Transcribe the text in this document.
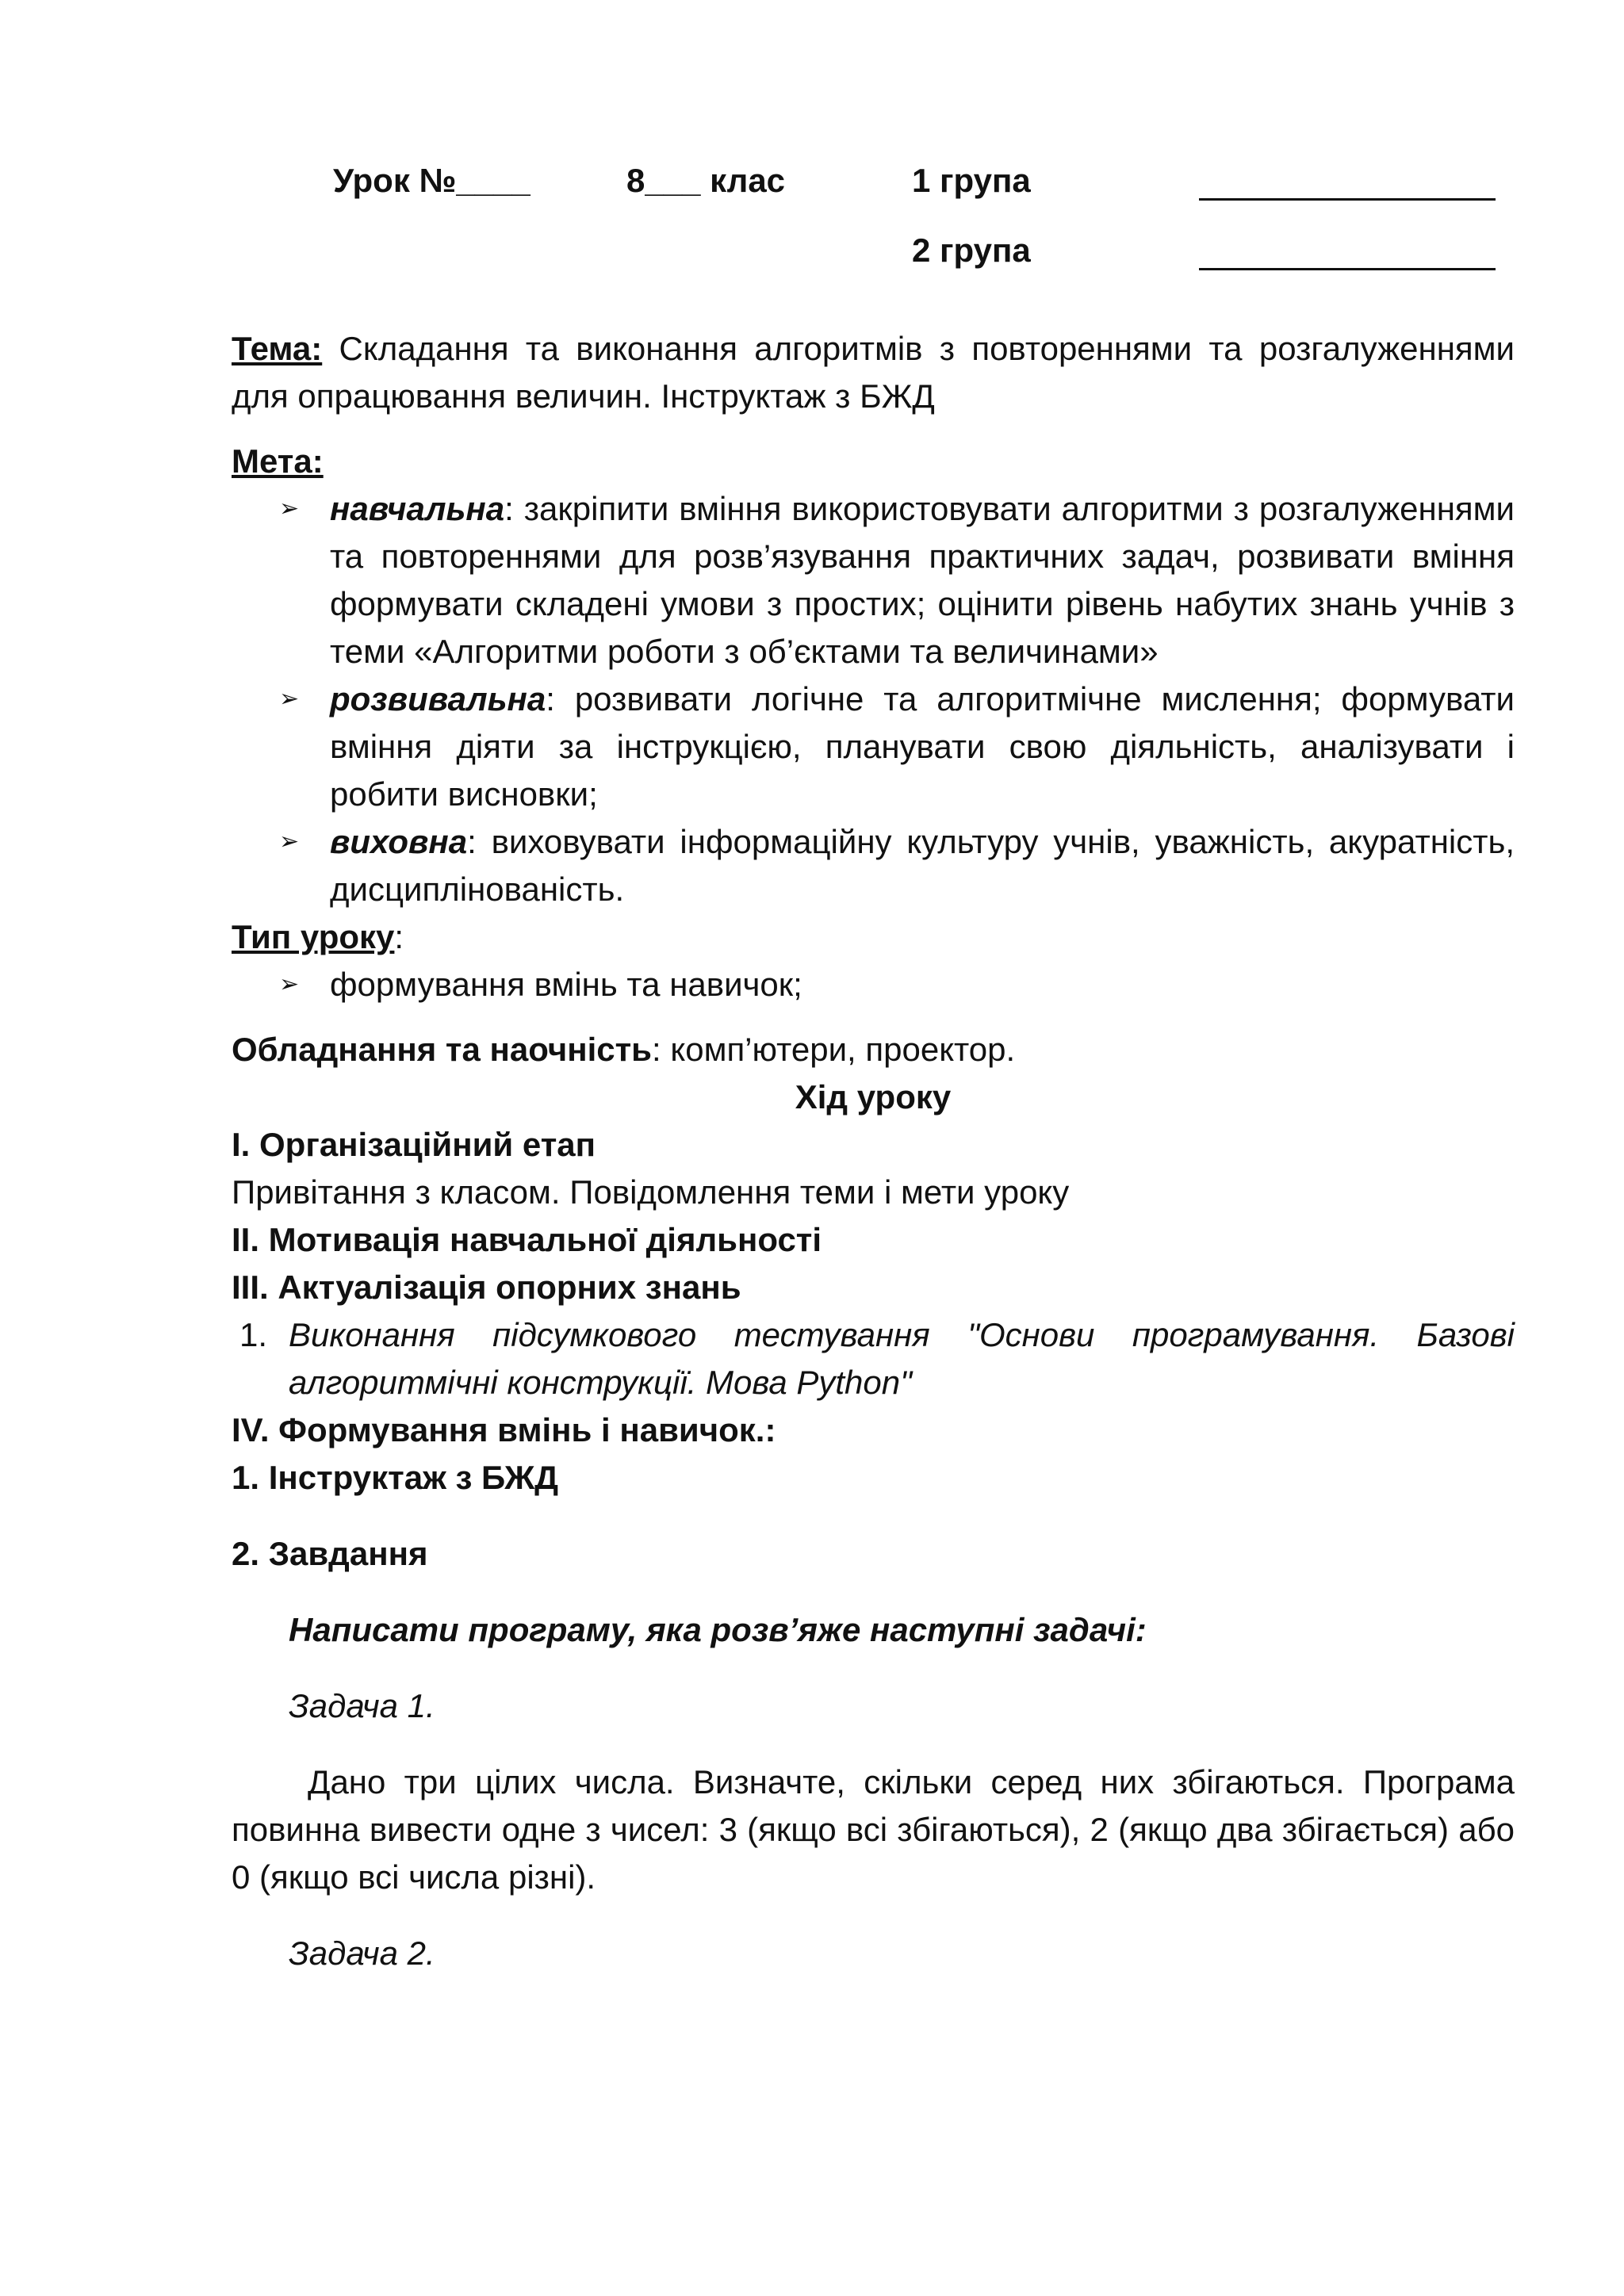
Урок №____	8___ клас	1 група
2 група

Тема: Складання та виконання алгоритмів з повтореннями та розгалуженнями для опрацювання величин. Інструктаж з БЖД

Мета:

➢ навчальна: закріпити вміння використовувати алгоритми з розгалуженнями та повтореннями для розв’язування практичних задач, розвивати вміння формувати складені умови з простих; оцінити рівень набутих знань учнів з теми «Алгоритми роботи з об’єктами та величинами»
➢ розвивальна: розвивати логічне та алгоритмічне мислення; формувати вміння діяти за інструкцією, планувати свою діяльність, аналізувати і робити висновки;
➢ виховна: виховувати інформаційну культуру учнів, уважність, акуратність, дисциплінованість.

Тип уроку:

➢ формування вмінь та навичок;

Обладнання та наочність: комп’ютери, проектор.

Хід уроку

I. Організаційний етап

Привітання з класом. Повідомлення теми і мети уроку

II. Мотивація навчальної діяльності

III. Актуалізація опорних знань

1. Виконання підсумкового тестування "Основи програмування. Базові алгоритмічні конструкції. Мова Python"

IV. Формування вмінь і навичок.:

1. Інструктаж з БЖД

2. Завдання

Написати програму, яка розв’яже наступні задачі:

Задача 1.

Дано три цілих числа. Визначте, скільки серед них збігаються. Програма повинна вивести одне з чисел: 3 (якщо всі збігаються), 2 (якщо два збігається) або 0 (якщо всі числа різні).

Задача 2.
